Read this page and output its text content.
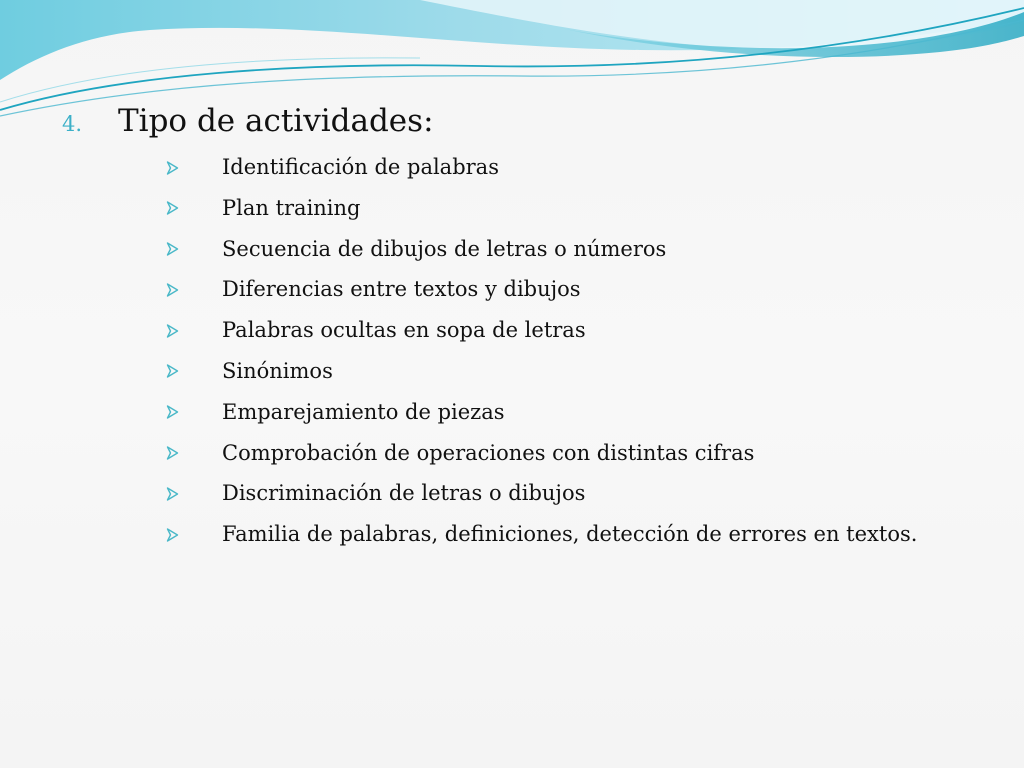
4.	Tipo de actividades:
Identificación de palabras
Plan training
Secuencia de dibujos de letras o números
Diferencias entre textos y dibujos
Palabras ocultas en sopa de letras
Sinónimos
Emparejamiento de piezas
Comprobación de operaciones con distintas cifras
Discriminación de letras o dibujos
Familia de palabras, definiciones, detección de errores en textos.
